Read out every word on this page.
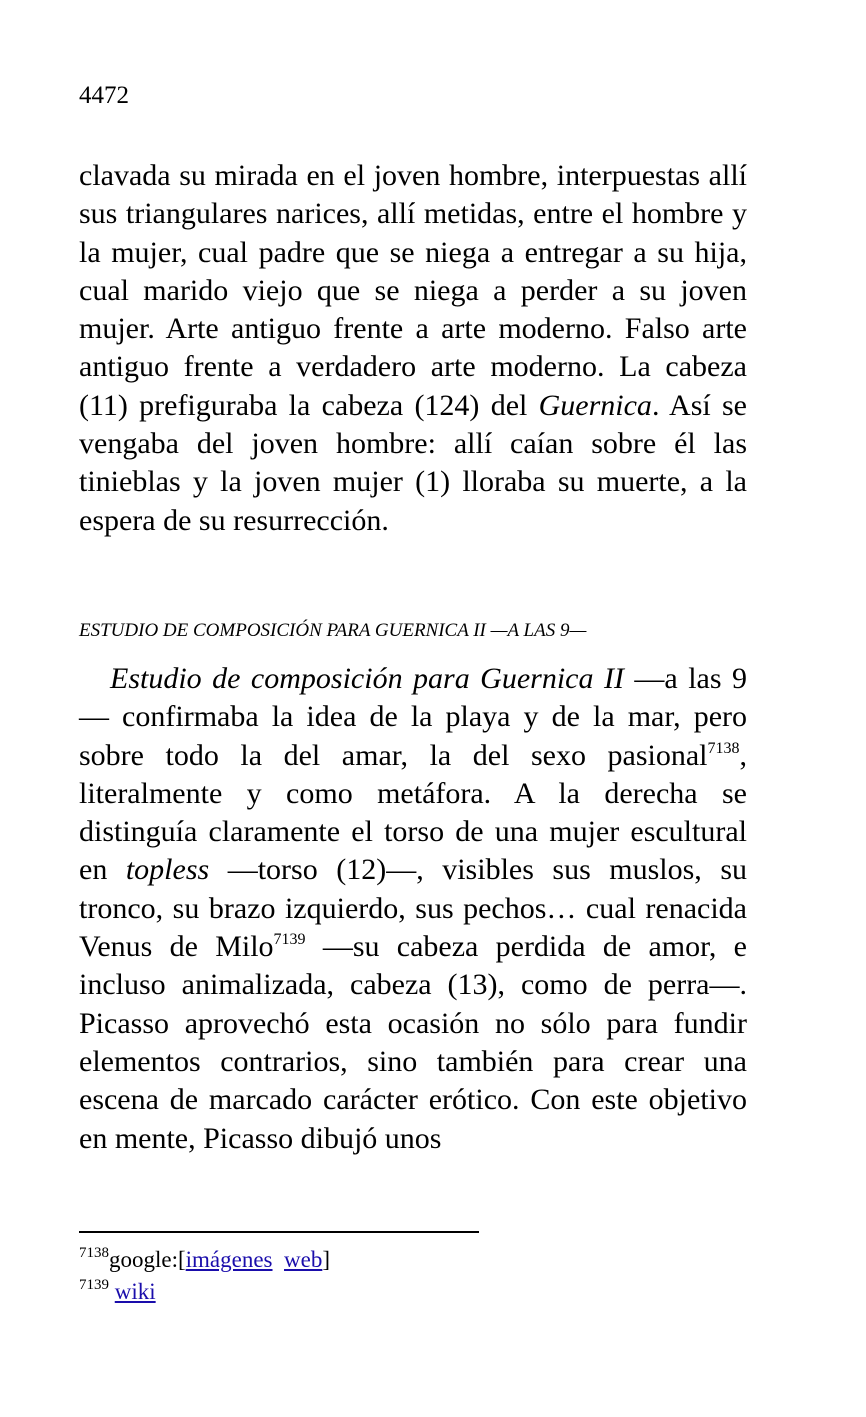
4472

clavada su mirada en el joven hombre, interpuestas allí sus triangulares narices, allí metidas, entre el hombre y la mujer, cual padre que se niega a entregar a su hija, cual marido viejo que se niega a perder a su joven mujer. Arte antiguo frente a arte moderno. Falso arte antiguo frente a verdadero arte moderno. La cabeza (11) prefiguraba la cabeza (124) del Guernica. Así se vengaba del joven hombre: allí caían sobre él las tinieblas y la joven mujer (1) lloraba su muerte, a la espera de su resurrección.

ESTUDIO DE COMPOSICIÓN PARA GUERNICA II —A LAS 9—

Estudio de composición para Guernica II —a las 9— confirmaba la idea de la playa y de la mar, pero sobre todo la del amar, la del sexo pasional$^{7138}$, literalmente y como metáfora. A la derecha se distinguía claramente el torso de una mujer escultural en topless —torso (12)—, visibles sus muslos, su tronco, su brazo izquierdo, sus pechos… cual renacida Venus de Milo$^{7139}$ —su cabeza perdida de amor, e incluso animalizada, cabeza (13), como de perra—. Picasso aprovechó esta ocasión no sólo para fundir elementos contrarios, sino también para crear una escena de marcado carácter erótico. Con este objetivo en mente, Picasso dibujó unos

$^{7138}$google:[imágenes web]
$^{7139}$ wiki
